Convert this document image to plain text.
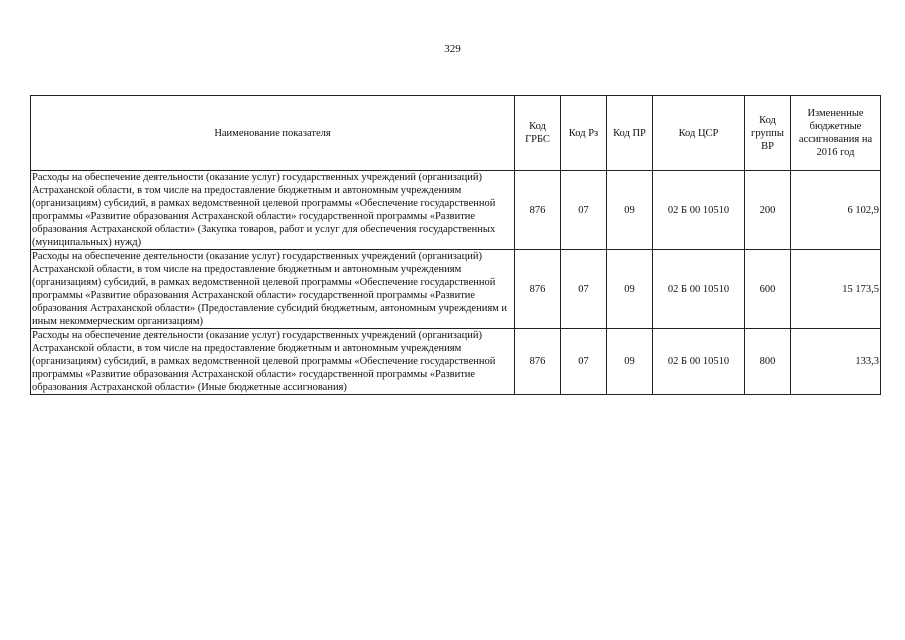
329
Наименование показателя	Код ГРБС	Код Рз	Код ПР	Код ЦСР	Код группы ВР	Измененные бюджетные ассигнования на 2016 год
Расходы на обеспечение деятельности (оказание услуг) государственных учреждений (организаций) Астраханской области, в том числе на предоставление бюджетным и автономным учреждениям (организациям) субсидий, в рамках ведомственной целевой программы «Обеспечение государственной программы «Развитие образования Астраханской области» государственной программы «Развитие образования Астраханской области» (Закупка товаров, работ и услуг для обеспечения государственных (муниципальных) нужд)	876	07	09	02 Б 00 10510	200	6 102,9
Расходы на обеспечение деятельности (оказание услуг) государственных учреждений (организаций) Астраханской области, в том числе на предоставление бюджетным и автономным учреждениям (организациям) субсидий, в рамках ведомственной целевой программы «Обеспечение государственной программы «Развитие образования Астраханской области» государственной программы «Развитие образования Астраханской области» (Предоставление субсидий бюджетным, автономным учреждениям и иным некоммерческим организациям)	876	07	09	02 Б 00 10510	600	15 173,5
Расходы на обеспечение деятельности (оказание услуг) государственных учреждений (организаций) Астраханской области, в том числе на предоставление бюджетным и автономным учреждениям (организациям) субсидий, в рамках ведомственной целевой программы «Обеспечение государственной программы «Развитие образования Астраханской области» государственной программы «Развитие образования Астраханской области» (Иные бюджетные ассигнования)	876	07	09	02 Б 00 10510	800	133,3
